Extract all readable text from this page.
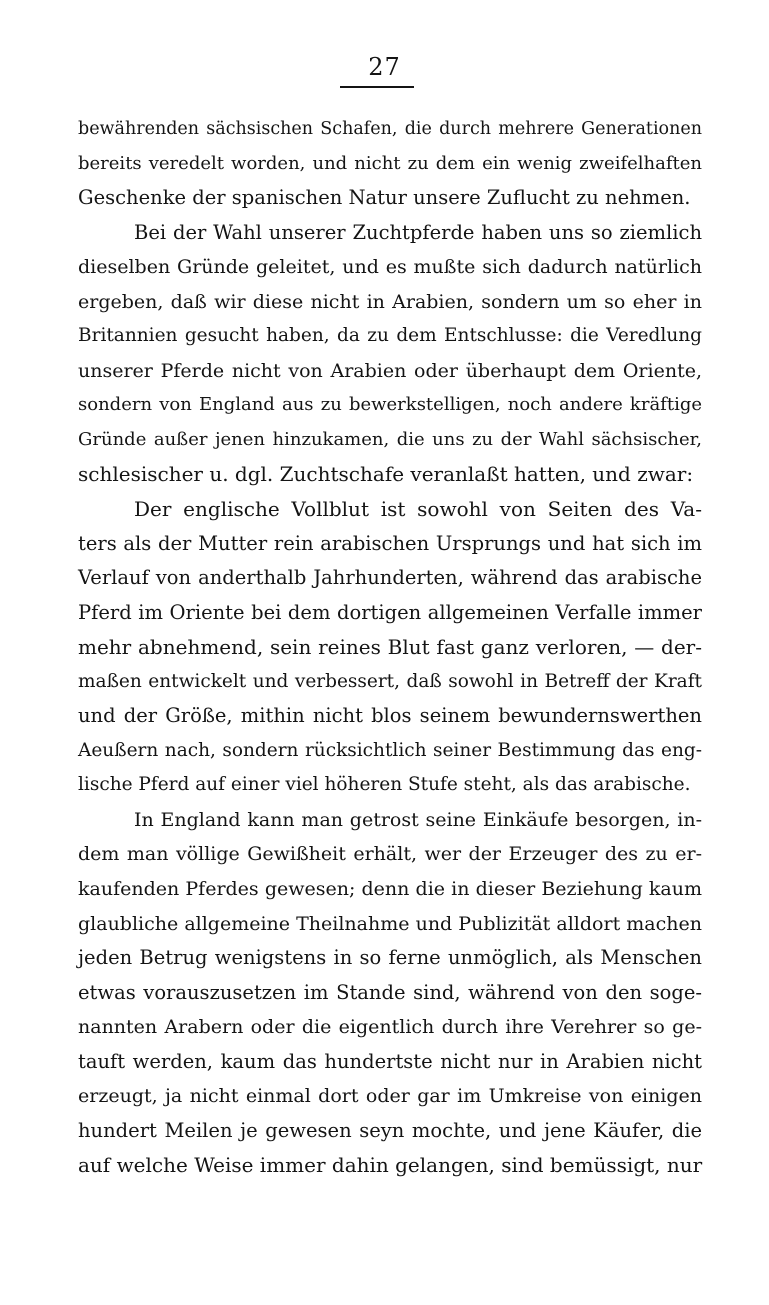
27
bewährenden sächsischen Schafen, die durch mehrere Generationen
bereits veredelt worden, und nicht zu dem ein wenig zweifelhaften
Geschenke der spanischen Natur unsere Zuflucht zu nehmen.
Bei der Wahl unserer Zuchtpferde haben uns so ziemlich
dieselben Gründe geleitet, und es mußte sich dadurch natürlich
ergeben, daß wir diese nicht in Arabien, sondern um so eher in
Britannien gesucht haben, da zu dem Entschlusse: die Veredlung
unserer Pferde nicht von Arabien oder überhaupt dem Oriente,
sondern von England aus zu bewerkstelligen, noch andere kräftige
Gründe außer jenen hinzukamen, die uns zu der Wahl sächsischer,
schlesischer u. dgl. Zuchtschafe veranlaßt hatten, und zwar:
Der englische Vollblut ist sowohl von Seiten des Va-
ters als der Mutter rein arabischen Ursprungs und hat sich im
Verlauf von anderthalb Jahrhunderten, während das arabische
Pferd im Oriente bei dem dortigen allgemeinen Verfalle immer
mehr abnehmend, sein reines Blut fast ganz verloren, — der-
maßen entwickelt und verbessert, daß sowohl in Betreff der Kraft
und der Größe, mithin nicht blos seinem bewundernswerthen
Aeußern nach, sondern rücksichtlich seiner Bestimmung das eng-
lische Pferd auf einer viel höheren Stufe steht, als das arabische.
In England kann man getrost seine Einkäufe besorgen, in-
dem man völlige Gewißheit erhält, wer der Erzeuger des zu er-
kaufenden Pferdes gewesen; denn die in dieser Beziehung kaum
glaubliche allgemeine Theilnahme und Publizität alldort machen
jeden Betrug wenigstens in so ferne unmöglich, als Menschen
etwas vorauszusetzen im Stande sind, während von den soge-
nannten Arabern oder die eigentlich durch ihre Verehrer so ge-
tauft werden, kaum das hundertste nicht nur in Arabien nicht
erzeugt, ja nicht einmal dort oder gar im Umkreise von einigen
hundert Meilen je gewesen seyn mochte, und jene Käufer, die
auf welche Weise immer dahin gelangen, sind bemüssigt, nur
